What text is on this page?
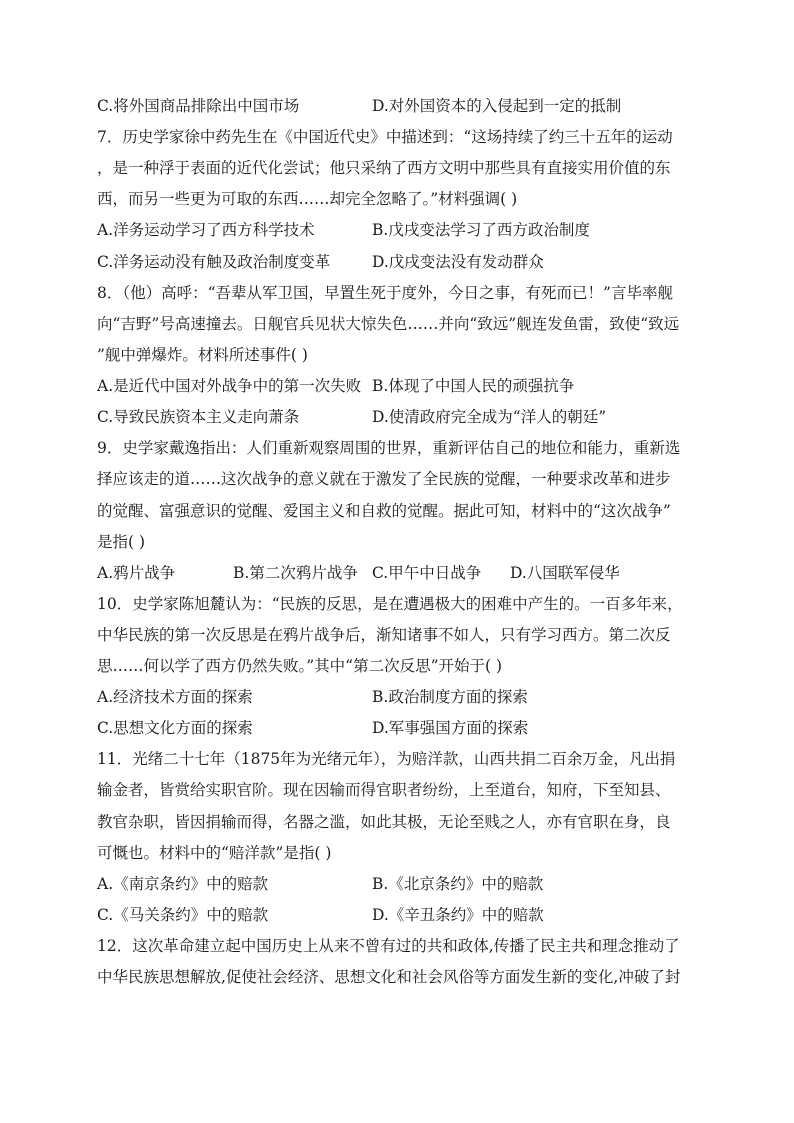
C.将外国商品排除出中国市场	D.对外国资本的入侵起到一定的抵制
7．历史学家徐中药先生在《中国近代史》中描述到：“这场持续了约三十五年的运动
，是一种浮于表面的近代化尝试；他只采纳了西方文明中那些具有直接实用价值的东
西，而另一些更为可取的东西……却完全忽略了。”材料强调( )
A.洋务运动学习了西方科学技术	B.戊戌变法学习了西方政治制度
C.洋务运动没有触及政治制度变革	D.戊戌变法没有发动群众
8．（他）高呼：“吾辈从军卫国，早置生死于度外，今日之事，有死而已！”言毕率舰
向“吉野”号高速撞去。日舰官兵见状大惊失色……并向“致远”舰连发鱼雷，致使“致远
”舰中弹爆炸。材料所述事件( )
A.是近代中国对外战争中的第一次失败 B.体现了中国人民的顽强抗争
C.导致民族资本主义走向萧条	D.使清政府完全成为“洋人的朝廷”
9．史学家戴逸指出：人们重新观察周围的世界，重新评估自己的地位和能力，重新选
择应该走的道……这次战争的意义就在于激发了全民族的觉醒，一种要求改革和进步
的觉醒、富强意识的觉醒、爱国主义和自救的觉醒。据此可知，材料中的“这次战争”
是指( )
A.鸦片战争	B.第二次鸦片战争 C.甲午中日战争 D.八国联军侵华
10．史学家陈旭麓认为：“民族的反思，是在遭遇极大的困难中产生的。一百多年来，
中华民族的第一次反思是在鸦片战争后，渐知诸事不如人，只有学习西方。第二次反
思……何以学了西方仍然失败。”其中“第二次反思”开始于( )
A.经济技术方面的探索	B.政治制度方面的探索
C.思想文化方面的探索	D.军事强国方面的探索
11．光绪二十七年（1875年为光绪元年），为赔洋款，山西共捐二百余万金，凡出捐
输金者，皆赏给实职官阶。现在因输而得官职者纷纷，上至道台，知府，下至知县、
教官杂职，皆因捐输而得，名器之滥，如此其极，无论至贱之人，亦有官职在身，良
可慨也。材料中的“赔洋款”是指( )
A.《南京条约》中的赔款	B.《北京条约》中的赔款
C.《马关条约》中的赔款	D.《辛丑条约》中的赔款
12．这次革命建立起中国历史上从来不曾有过的共和政体,传播了民主共和理念推动了
中华民族思想解放,促使社会经济、思想文化和社会风俗等方面发生新的变化,冲破了封
